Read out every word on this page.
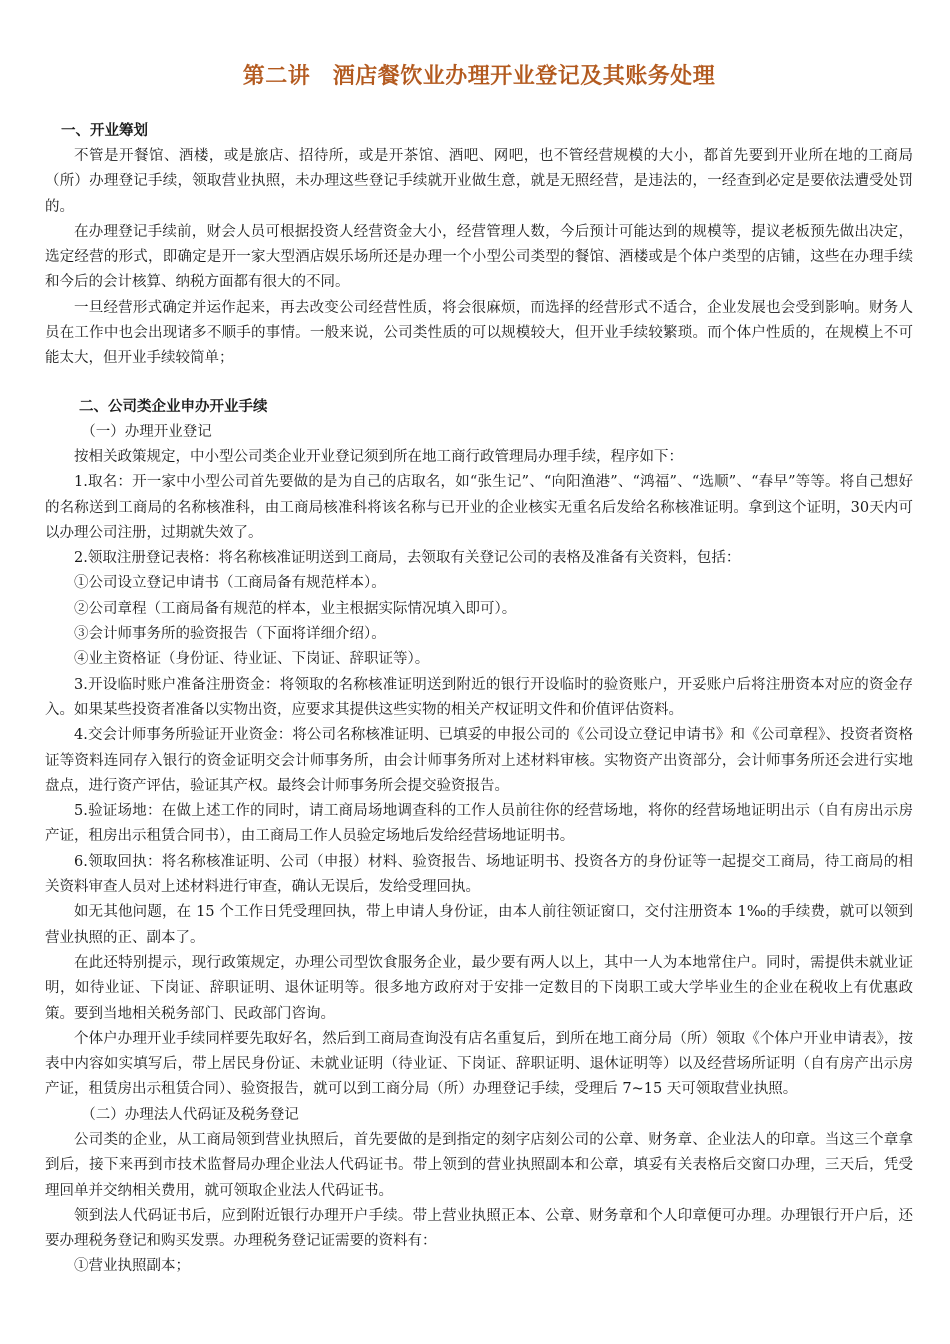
第二讲　酒店餐饮业办理开业登记及其账务处理
一、开业筹划

不管是开餐馆、酒楼，或是旅店、招待所，或是开茶馆、酒吧、网吧，也不管经营规模的大小，都首先要到开业所在地的工商局（所）办理登记手续，领取营业执照，未办理这些登记手续就开业做生意，就是无照经营，是违法的，一经查到必定是要依法遭受处罚的。

在办理登记手续前，财会人员可根据投资人经营资金大小，经营管理人数，今后预计可能达到的规模等，提议老板预先做出决定，选定经营的形式，即确定是开一家大型酒店娱乐场所还是办理一个小型公司类型的餐馆、酒楼或是个体户类型的店铺，这些在办理手续和今后的会计核算、纳税方面都有很大的不同。

一旦经营形式确定并运作起来，再去改变公司经营性质，将会很麻烦，而选择的经营形式不适合，企业发展也会受到影响。财务人员在工作中也会出现诸多不顺手的事情。一般来说，公司类性质的可以规模较大，但开业手续较繁琐。而个体户性质的，在规模上不可能太大，但开业手续较简单；

二、公司类企业申办开业手续

（一）办理开业登记

按相关政策规定，中小型公司类企业开业登记须到所在地工商行政管理局办理手续，程序如下：

1.取名：开一家中小型公司首先要做的是为自己的店取名，如“张生记”、“向阳渔港”、“鸿福”、“选顺”、“春早”等等。将自己想好的名称送到工商局的名称核准科，由工商局核准科将该名称与已开业的企业核实无重名后发给名称核准证明。拿到这个证明，30天内可以办理公司注册，过期就失效了。

2.领取注册登记表格：将名称核准证明送到工商局，去领取有关登记公司的表格及准备有关资料，包括：

①公司设立登记申请书（工商局备有规范样本）。

②公司章程（工商局备有规范的样本，业主根据实际情况填入即可）。

③会计师事务所的验资报告（下面将详细介绍）。

④业主资格证（身份证、待业证、下岗证、辞职证等）。

3.开设临时账户准备注册资金：将领取的名称核准证明送到附近的银行开设临时的验资账户，开妥账户后将注册资本对应的资金存入。如果某些投资者准备以实物出资，应要求其提供这些实物的相关产权证明文件和价值评估资料。

4.交会计师事务所验证开业资金：将公司名称核准证明、已填妥的申报公司的《公司设立登记申请书》和《公司章程》、投资者资格证等资料连同存入银行的资金证明交会计师事务所，由会计师事务所对上述材料审核。实物资产出资部分，会计师事务所还会进行实地盘点，进行资产评估，验证其产权。最终会计师事务所会提交验资报告。

5.验证场地：在做上述工作的同时，请工商局场地调查科的工作人员前往你的经营场地，将你的经营场地证明出示（自有房出示房产证，租房出示租赁合同书），由工商局工作人员验定场地后发给经营场地证明书。

6.领取回执：将名称核准证明、公司（申报）材料、验资报告、场地证明书、投资各方的身份证等一起提交工商局，待工商局的相关资料审查人员对上述材料进行审查，确认无误后，发给受理回执。

如无其他问题，在 15 个工作日凭受理回执，带上申请人身份证，由本人前往领证窗口，交付注册资本 1‰的手续费，就可以领到营业执照的正、副本了。

在此还特别提示，现行政策规定，办理公司型饮食服务企业，最少要有两人以上，其中一人为本地常住户。同时，需提供未就业证明，如待业证、下岗证、辞职证明、退休证明等。很多地方政府对于安排一定数目的下岗职工或大学毕业生的企业在税收上有优惠政策。要到当地相关税务部门、民政部门咨询。

个体户办理开业手续同样要先取好名，然后到工商局查询没有店名重复后，到所在地工商分局（所）领取《个体户开业申请表》，按表中内容如实填写后，带上居民身份证、未就业证明（待业证、下岗证、辞职证明、退休证明等）以及经营场所证明（自有房产出示房产证，租赁房出示租赁合同）、验资报告，就可以到工商分局（所）办理登记手续，受理后 7~15 天可领取营业执照。

（二）办理法人代码证及税务登记

公司类的企业，从工商局领到营业执照后，首先要做的是到指定的刻字店刻公司的公章、财务章、企业法人的印章。当这三个章拿到后，接下来再到市技术监督局办理企业法人代码证书。带上领到的营业执照副本和公章，填妥有关表格后交窗口办理，三天后，凭受理回单并交纳相关费用，就可领取企业法人代码证书。

领到法人代码证书后，应到附近银行办理开户手续。带上营业执照正本、公章、财务章和个人印章便可办理。办理银行开户后，还要办理税务登记和购买发票。办理税务登记证需要的资料有：

①营业执照副本；
